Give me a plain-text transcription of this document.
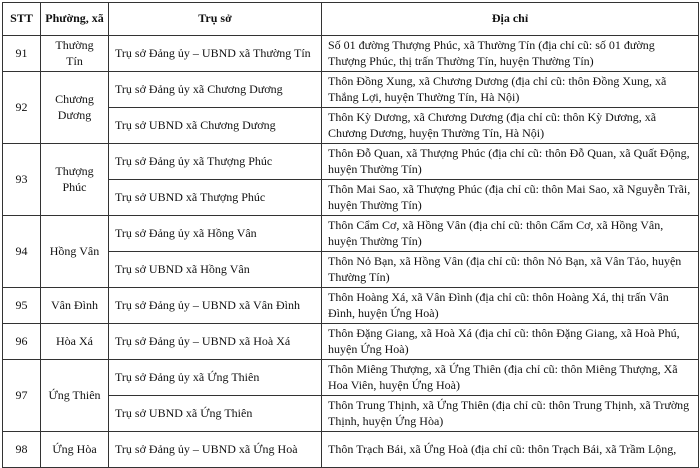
STT	Phường, xã	Trụ sở	Địa chỉ
91	Thường Tín	Trụ sở Đảng ủy – UBND xã Thường Tín	Số 01 đường Thượng Phúc, xã Thường Tín (địa chỉ cũ: số 01 đường Thượng Phúc, thị trấn Thường Tín, huyện Thường Tín)
92	Chương Dương	Trụ sở Đảng ủy xã Chương Dương	Thôn Đồng Xung, xã Chương Dương (địa chỉ cũ: thôn Đồng Xung, xã Thắng Lợi, huyện Thường Tín, Hà Nội)
		Trụ sở UBND xã Chương Dương	Thôn Kỳ Dương, xã Chương Dương (địa chỉ cũ: thôn Kỳ Dương, xã Chương Dương, huyện Thường Tín, Hà Nội)
93	Thượng Phúc	Trụ sở Đảng ủy xã Thượng Phúc	Thôn Đỗ Quan, xã Thượng Phúc (địa chỉ cũ: thôn Đỗ Quan, xã Quất Động, huyện Thường Tín)
		Trụ sở UBND xã Thượng Phúc	Thôn Mai Sao, xã Thượng Phúc (địa chỉ cũ: thôn Mai Sao, xã Nguyễn Trãi, huyện Thường Tín)
94	Hồng Vân	Trụ sở Đảng ủy xã Hồng Vân	Thôn Cẩm Cơ, xã Hồng Vân (địa chỉ cũ: thôn Cẩm Cơ, xã Hồng Vân, huyện Thường Tín)
		Trụ sở UBND xã Hồng Vân	Thôn Nỏ Bạn, xã Hồng Vân (địa chỉ cũ: thôn Nỏ Bạn, xã Vân Tảo, huyện Thường Tín)
95	Vân Đình	Trụ sở Đảng ủy – UBND xã Vân Đình	Thôn Hoàng Xá, xã Vân Đình (địa chỉ cũ: thôn Hoàng Xá, thị trấn Vân Đình, huyện Ứng Hoà)
96	Hòa Xá	Trụ sở Đảng ủy – UBND xã Hoà Xá	Thôn Đặng Giang, xã Hoà Xá (địa chỉ cũ: thôn Đặng Giang, xã Hoà Phú, huyện Ứng Hoà)
97	Ứng Thiên	Trụ sở Đảng ủy xã Ứng Thiên	Thôn Miêng Thượng, xã Ứng Thiên (địa chỉ cũ: thôn Miêng Thượng, Xã Hoa Viên, huyện Ứng Hoà)
		Trụ sở UBND xã Ứng Thiên	Thôn Trung Thịnh, xã Ứng Thiên (địa chỉ cũ: thôn Trung Thịnh, xã Trường Thịnh, huyện Ứng Hòa)
98	Ứng Hòa	Trụ sở Đảng ủy – UBND xã Ứng Hoà	Thôn Trạch Bái, xã Ứng Hoà (địa chỉ cũ: thôn Trạch Bái, xã Trầm Lộng,
